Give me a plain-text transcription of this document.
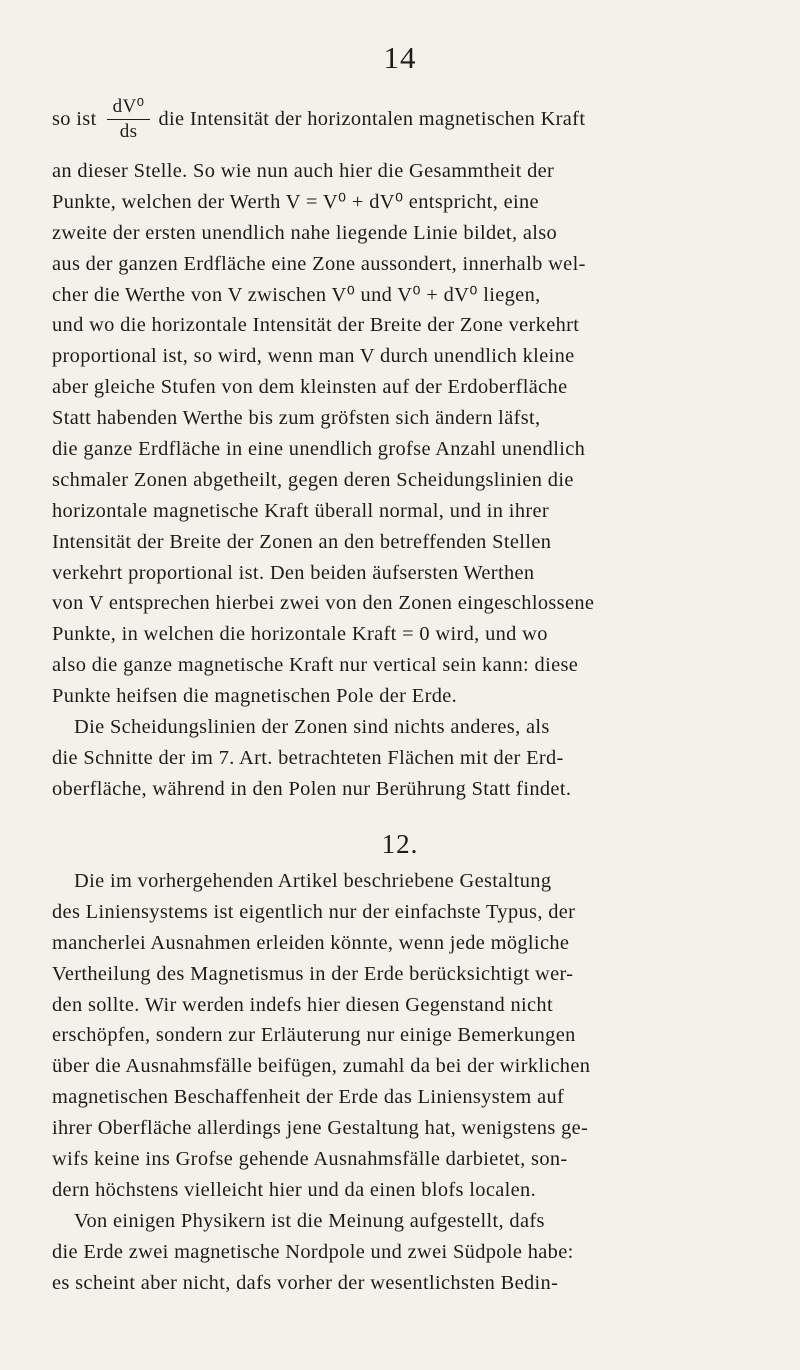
14
so ist $\frac{\text{dV⁰}}{ds}$ die Intensität der horizontalen magnetischen Kraft
an dieser Stelle. So wie nun auch hier die Gesammtheit der
Punkte, welchen der Werth V = V⁰ + dV⁰ entspricht, eine
zweite der ersten unendlich nahe liegende Linie bildet, also
aus der ganzen Erdfläche eine Zone aussondert, innerhalb wel-
cher die Werthe von V zwischen V⁰ und V⁰ + dV⁰ liegen,
und wo die horizontale Intensität der Breite der Zone verkehrt
proportional ist, so wird, wenn man V durch unendlich kleine
aber gleiche Stufen von dem kleinsten auf der Erdoberfläche
Statt habenden Werthe bis zum gröfsten sich ändern läfst,
die ganze Erdfläche in eine unendlich grofse Anzahl unendlich
schmaler Zonen abgetheilt, gegen deren Scheidungslinien die
horizontale magnetische Kraft überall normal, und in ihrer
Intensität der Breite der Zonen an den betreffenden Stellen
verkehrt proportional ist. Den beiden äufsersten Werthen
von V entsprechen hierbei zwei von den Zonen eingeschlossene
Punkte, in welchen die horizontale Kraft = 0 wird, und wo
also die ganze magnetische Kraft nur vertical sein kann: diese
Punkte heifsen die magnetischen Pole der Erde.
Die Scheidungslinien der Zonen sind nichts anderes, als
die Schnitte der im 7. Art. betrachteten Flächen mit der Erd-
oberfläche, während in den Polen nur Berührung Statt findet.
12.
Die im vorhergehenden Artikel beschriebene Gestaltung
des Liniensystems ist eigentlich nur der einfachste Typus, der
mancherlei Ausnahmen erleiden könnte, wenn jede mögliche
Vertheilung des Magnetismus in der Erde berücksichtigt wer-
den sollte. Wir werden indefs hier diesen Gegenstand nicht
erschöpfen, sondern zur Erläuterung nur einige Bemerkungen
über die Ausnahmsfälle beifügen, zumahl da bei der wirklichen
magnetischen Beschaffenheit der Erde das Liniensystem auf
ihrer Oberfläche allerdings jene Gestaltung hat, wenigstens ge-
wifs keine ins Grofse gehende Ausnahmsfälle darbietet, son-
dern höchstens vielleicht hier und da einen blofs localen.
Von einigen Physikern ist die Meinung aufgestellt, dafs
die Erde zwei magnetische Nordpole und zwei Südpole habe:
es scheint aber nicht, dafs vorher der wesentlichsten Bedin-
